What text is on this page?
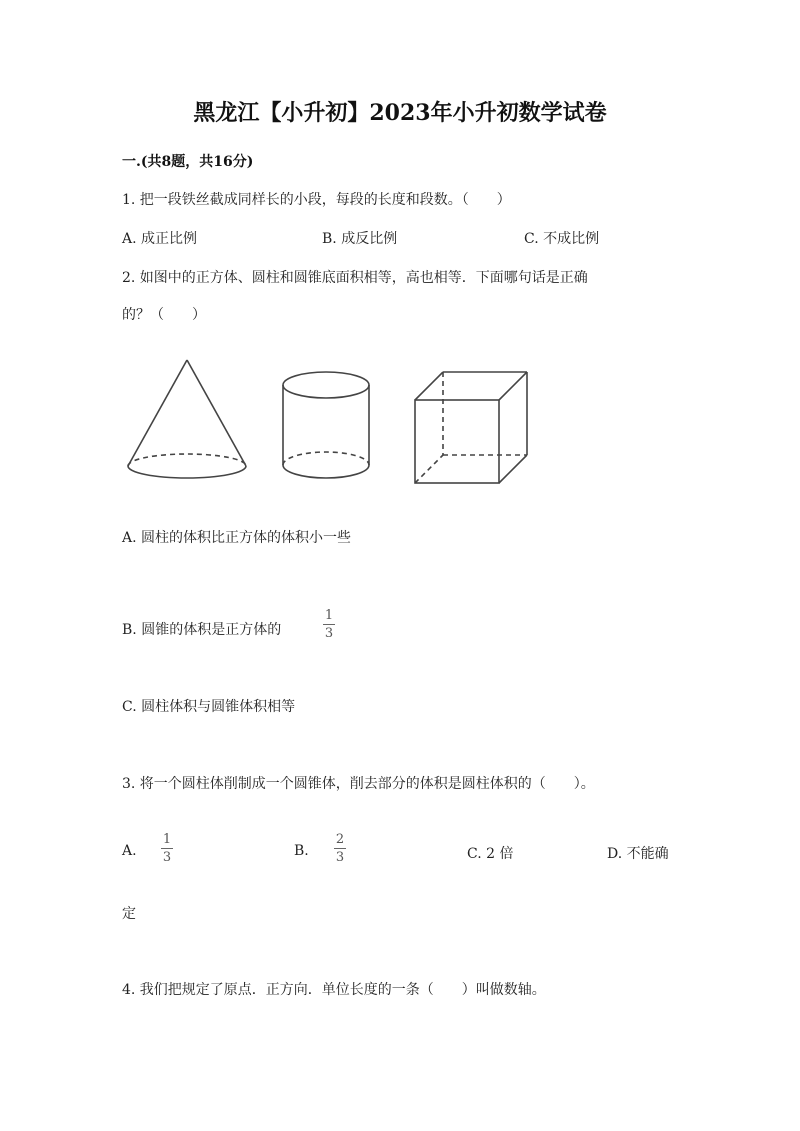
黑龙江【小升初】2023年小升初数学试卷
一.(共8题，共16分)
1. 把一段铁丝截成同样长的小段，每段的长度和段数。（　　）
A. 成正比例	B. 成反比例	C. 不成比例
2. 如图中的正方体、圆柱和圆锥底面积相等，高也相等．下面哪句话是正确
的？（　　）
A. 圆柱的体积比正方体的体积小一些
B. 圆锥的体积是正方体的
1
3
C. 圆柱体积与圆锥体积相等
3. 将一个圆柱体削制成一个圆锥体，削去部分的体积是圆柱体积的（　　）。
A.
1
3	B.
2
3	C. 2 倍	D. 不能确
定
4. 我们把规定了原点．正方向．单位长度的一条（　　）叫做数轴。
